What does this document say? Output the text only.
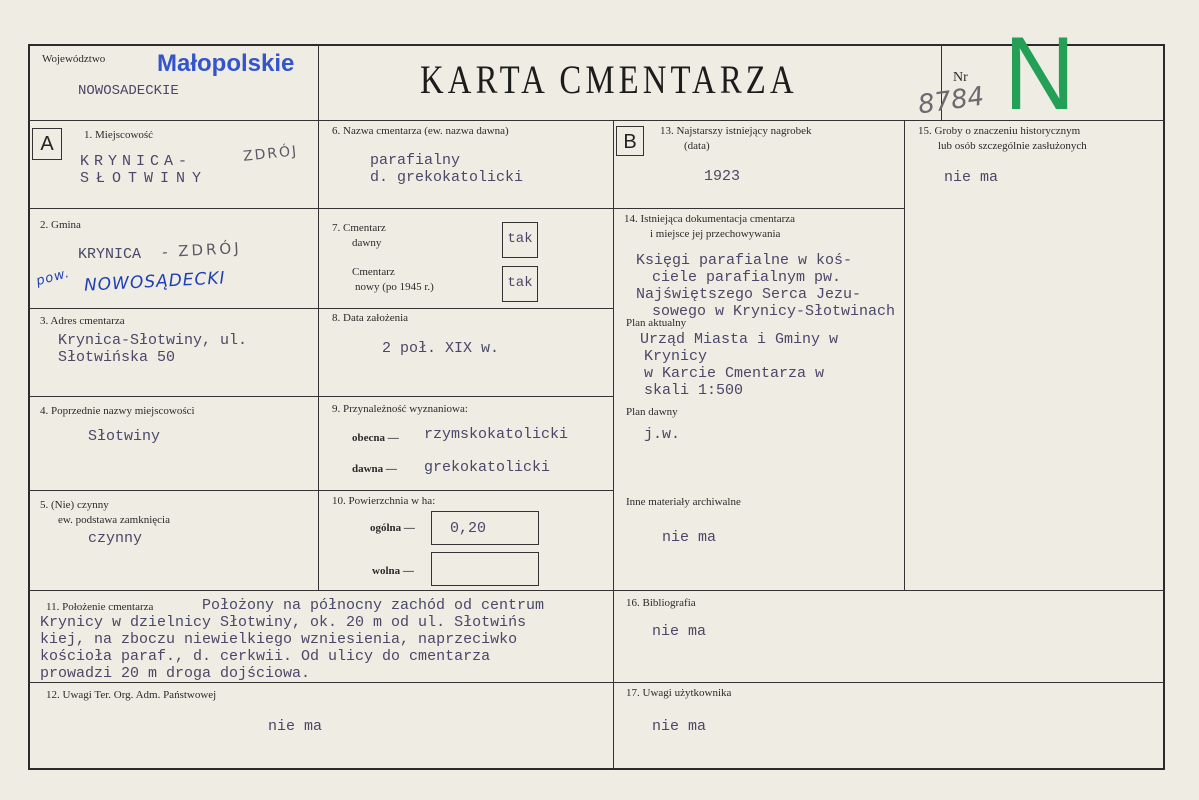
Województwo Małopolskie
NOWOSADECKIE	KARTA CMENTARZA	Nr
8784 N
A	1. Miejscowość
KRYNICA-	ZDRÓJ
SŁOTWINY
2. Gmina
KRYNICA - ZDRÓJ
pow. NOWOSĄDECKI
3. Adres cmentarza
Krynica-Słotwiny, ul.
Słotwińska 50
4. Poprzednie nazwy miejscowości
Słotwiny
5. (Nie) czynny
ew. podstawa zamknięcia
czynny
6. Nazwa cmentarza (ew. nazwa dawna)
parafialny
d. grekokatolicki
7. Cmentarz
dawny	tak
Cmentarz
nowy (po 1945 r.)	tak
8. Data założenia
2 poł. XIX w.
9. Przynależność wyznaniowa:
obecna — rzymskokatolicki
dawna — grekokatolicki
10. Powierzchnia w ha:
ogólna — 0,20
wolna —
B	13. Najstarszy istniejący nagrobek
(data)
1923
14. Istniejąca dokumentacja cmentarza
i miejsce jej przechowywania
Księgi parafialne w koś-
ciele parafialnym pw.
Najświętszego Serca Jezu-
sowego w Krynicy-Słotwinach
Plan aktualny
Urząd Miasta i Gminy w
Krynicy
w Karcie Cmentarza w
skali 1:500
Plan dawny
j.w.
Inne materiały archiwalne
nie ma
15. Groby o znaczeniu historycznym
lub osób szczególnie zasłużonych
nie ma
11. Położenie cmentarza	Położony na północny zachód od centrum
Krynicy w dzielnicy Słotwiny, ok. 20 m od ul. Słotwińs
kiej, na zboczu niewielkiego wzniesienia, naprzeciwko
kościoła paraf., d. cerkwii. Od ulicy do cmentarza
prowadzi 20 m droga dojściowa.
16. Bibliografia
nie ma
12. Uwagi Ter. Org. Adm. Państwowej
nie ma
17. Uwagi użytkownika
nie ma
